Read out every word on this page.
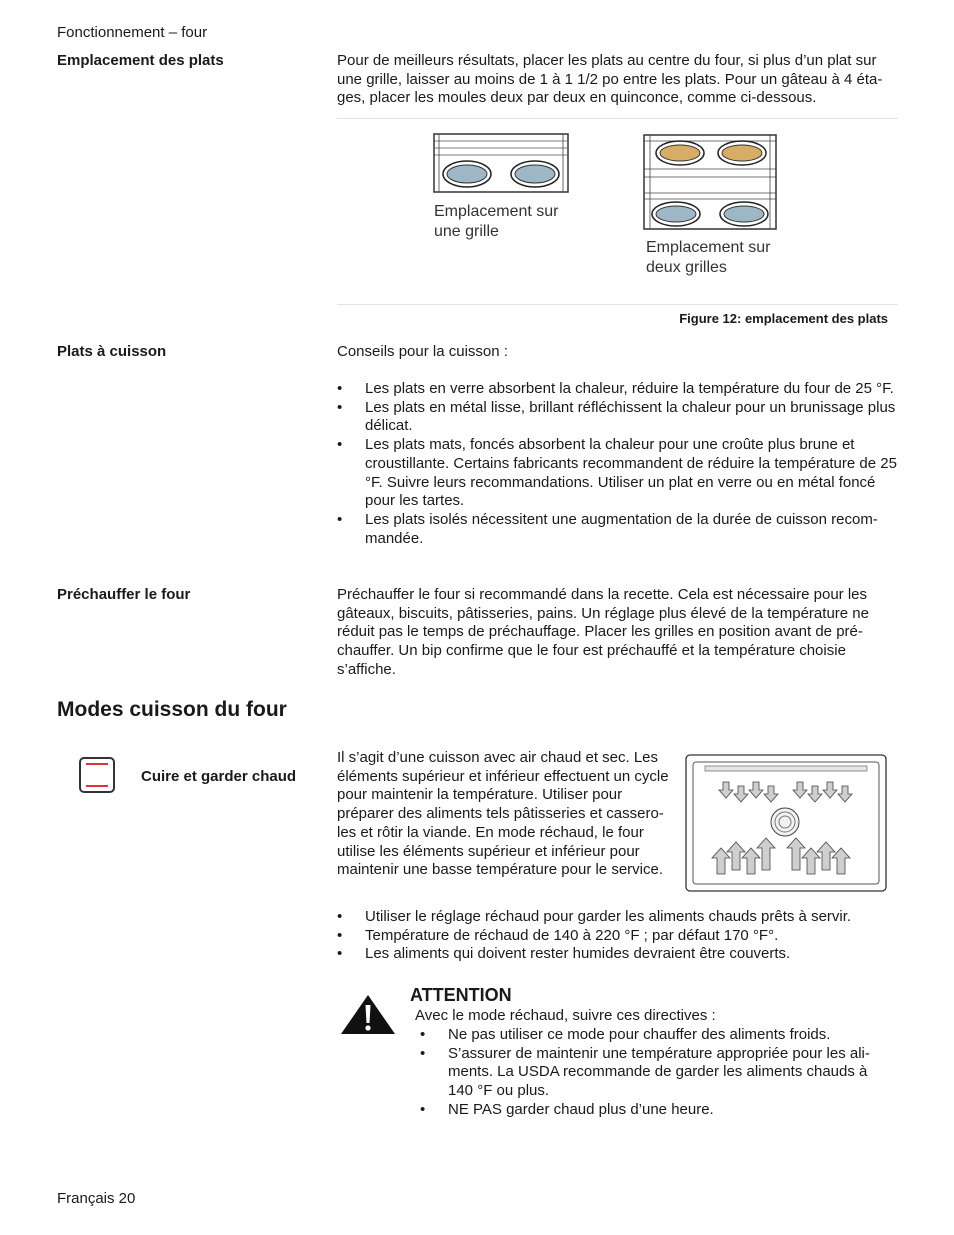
Fonctionnement – four
Emplacement des plats	Pour de meilleurs résultats, placer les plats au centre du four, si plus d’un plat sur une grille, laisser au moins de 1 à 1 1/2 po entre les plats. Pour un gâteau à 4 éta-ges, placer les moules deux par deux en quinconce, comme ci-dessous.
Emplacement sur
une grille
Emplacement sur
deux grilles
Figure 12: emplacement des plats
Plats à cuisson	Conseils pour la cuisson :
•	Les plats en verre absorbent la chaleur, réduire la température du four de 25 °F.
•	Les plats en métal lisse, brillant réfléchissent la chaleur pour un brunissage plus délicat.
•	Les plats mats, foncés absorbent la chaleur pour une croûte plus brune et croustillante. Certains fabricants recommandent de réduire la température de 25 °F. Suivre leurs recommandations. Utiliser un plat en verre ou en métal foncé pour les tartes.
•	Les plats isolés nécessitent une augmentation de la durée de cuisson recom-mandée.
Préchauffer le four	Préchauffer le four si recommandé dans la recette. Cela est nécessaire pour les gâteaux, biscuits, pâtisseries, pains. Un réglage plus élevé de la température ne réduit pas le temps de préchauffage. Placer les grilles en position avant de pré-chauffer. Un bip confirme que le four est préchauffé et la température choisie s’affiche.
Modes cuisson du four
Cuire et garder chaud
Il s’agit d’une cuisson avec air chaud et sec. Les éléments supérieur et inférieur effectuent un cycle pour maintenir la température. Utiliser pour préparer des aliments tels pâtisseries et cassero-les et rôtir la viande. En mode réchaud, le four utilise les éléments supérieur et inférieur pour maintenir une basse température pour le service.
•	Utiliser le réglage réchaud pour garder les aliments chauds prêts à servir.
•	Température de réchaud de 140 à 220 °F ; par défaut 170 °F°.
•	Les aliments qui doivent rester humides devraient être couverts.
ATTENTION
Avec le mode réchaud, suivre ces directives :
•	Ne pas utiliser ce mode pour chauffer des aliments froids.
•	S’assurer de maintenir une température appropriée pour les ali-ments. La USDA recommande de garder les aliments chauds à 140 °F ou plus.
•	NE PAS garder chaud plus d’une heure.
Français 20
